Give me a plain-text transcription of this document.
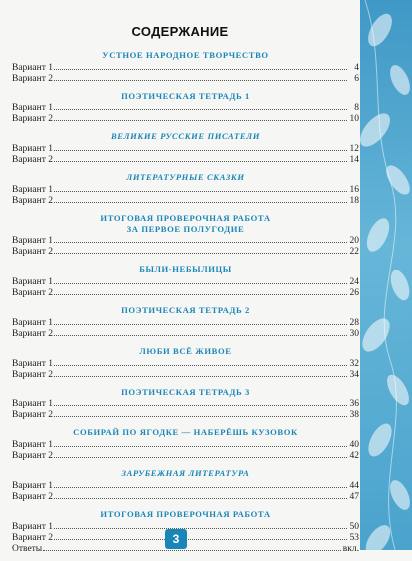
СОДЕРЖАНИЕ
УСТНОЕ НАРОДНОЕ ТВОРЧЕСТВО
Вариант 1	4
Вариант 2	6
ПОЭТИЧЕСКАЯ ТЕТРАДЬ 1
Вариант 1	8
Вариант 2	10
ВЕЛИКИЕ РУССКИЕ ПИСАТЕЛИ
Вариант 1	12
Вариант 2	14
ЛИТЕРАТУРНЫЕ СКАЗКИ
Вариант 1	16
Вариант 2	18
ИТОГОВАЯ ПРОВЕРОЧНАЯ РАБОТА
ЗА ПЕРВОЕ ПОЛУГОДИЕ
Вариант 1	20
Вариант 2	22
БЫЛИ-НЕБЫЛИЦЫ
Вариант 1	24
Вариант 2	26
ПОЭТИЧЕСКАЯ ТЕТРАДЬ 2
Вариант 1	28
Вариант 2	30
ЛЮБИ ВСЁ ЖИВОЕ
Вариант 1	32
Вариант 2	34
ПОЭТИЧЕСКАЯ ТЕТРАДЬ 3
Вариант 1	36
Вариант 2	38
СОБИРАЙ ПО ЯГОДКЕ — НАБЕРЁШЬ КУЗОВОК
Вариант 1	40
Вариант 2	42
ЗАРУБЕЖНАЯ ЛИТЕРАТУРА
Вариант 1	44
Вариант 2	47
ИТОГОВАЯ ПРОВЕРОЧНАЯ РАБОТА
Вариант 1	50
Вариант 2	53
Ответы	вкл.
3
